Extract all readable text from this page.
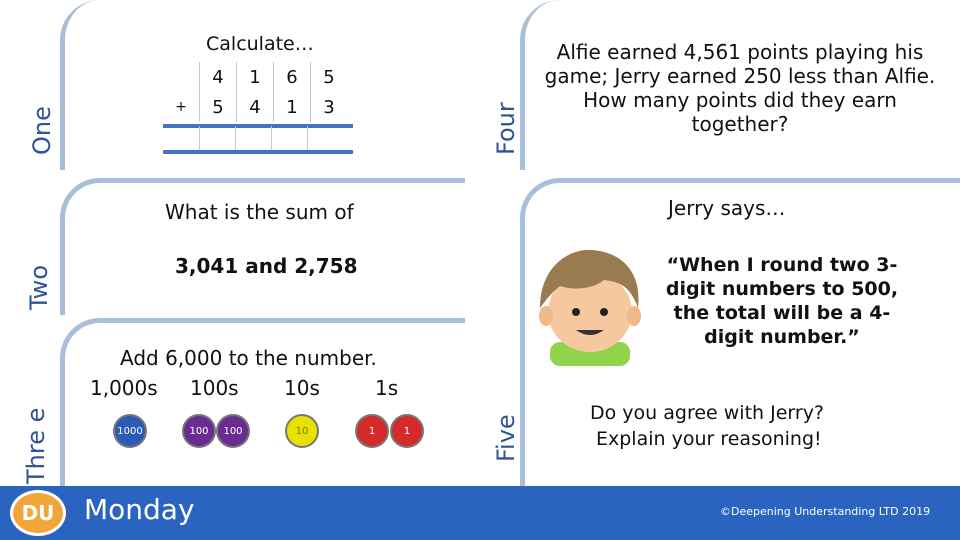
One	Four
Two
Thre e	Five
Calculate…
	4	1	6	5
+	5	4	1	3
Alfie earned 4,561 points playing his game; Jerry earned 250 less than Alfie. How many points did they earn together?
What is the sum of
3,041 and 2,758
Add 6,000 to the number.
1,000s 100s 10s	1s
1000	100	100	10	1	1
Jerry says…
“When I round two 3-digit numbers to 500, the total will be a 4-digit number.”
Do you agree with Jerry?
Explain your reasoning!
DU	Monday	©Deepening Understanding LTD 2019
